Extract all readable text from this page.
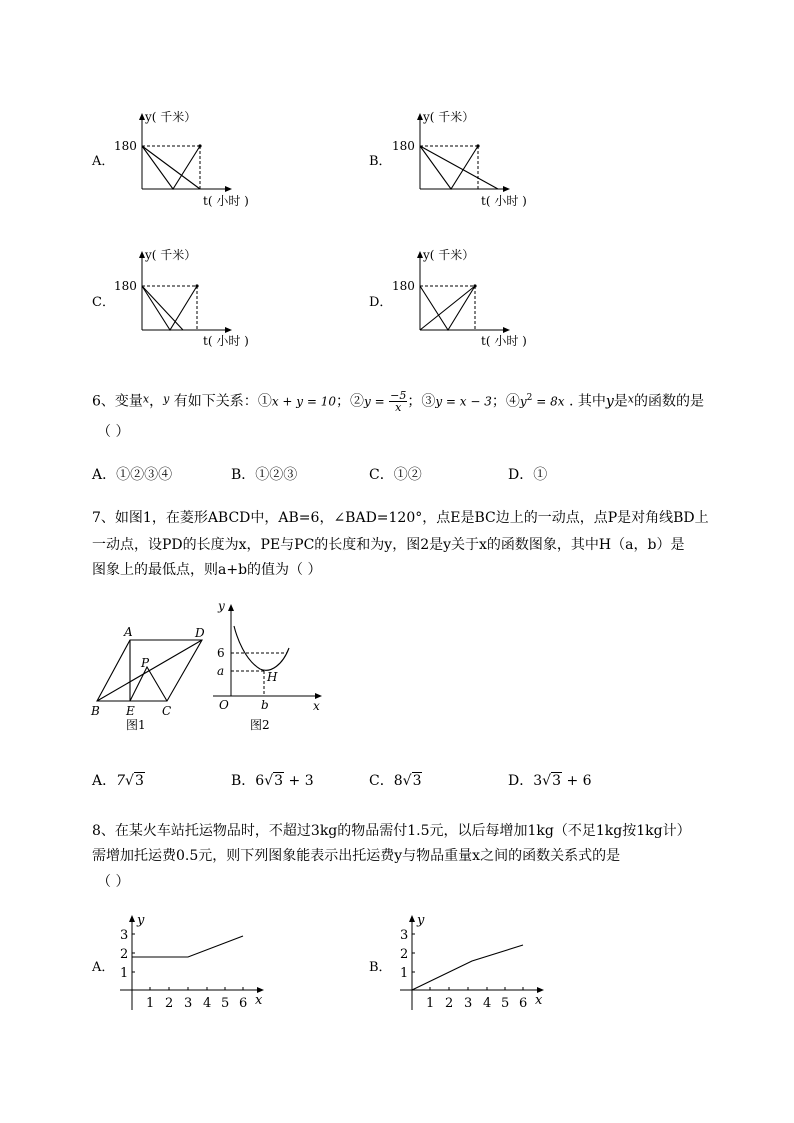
A．	B．
C．	D．
y( 千米）
180
t( 小时 )
y( 千米）
180
t( 小时 )
y( 千米）
180
t( 小时 )
y( 千米）
180
t( 小时 )
6、变量$^x$，$^y$ 有如下关系：①x + y = 10；②y = $\frac{-5}{x}$ ；③y = x − 3；$④y^2 = 8x$ . 其中y是$^x$的函数的是
（ ）
A．①②③④	B．①②③	C．①②	D．①
7、如图1，在菱形ABCD中，AB=6，∠BAD=120°，点E是BC边上的一动点，点P是对角线BD上
一动点，设PD的长度为x，PE与PC的长度和为y，图2是y关于x的函数图象，其中H（a，b）是
图象上的最低点，则a+b的值为（ ）
A	D
P
B E C
图1
y
x
O
6
a
b
H
图2
A．7√3	B．6√3 + 3	C．8√3	D．3√3 + 6
8、在某火车站托运物品时，不超过3kg的物品需付1.5元，以后每增加1kg（不足1kg按1kg计）
需增加托运费0.5元，则下列图象能表示出托运费y与物品重量x之间的函数关系式的是
（ ）
A．	B．
y
x
3
2
1
1 2 3 4 5 6
y
x
3
2
1
1 2 3 4 5 6
